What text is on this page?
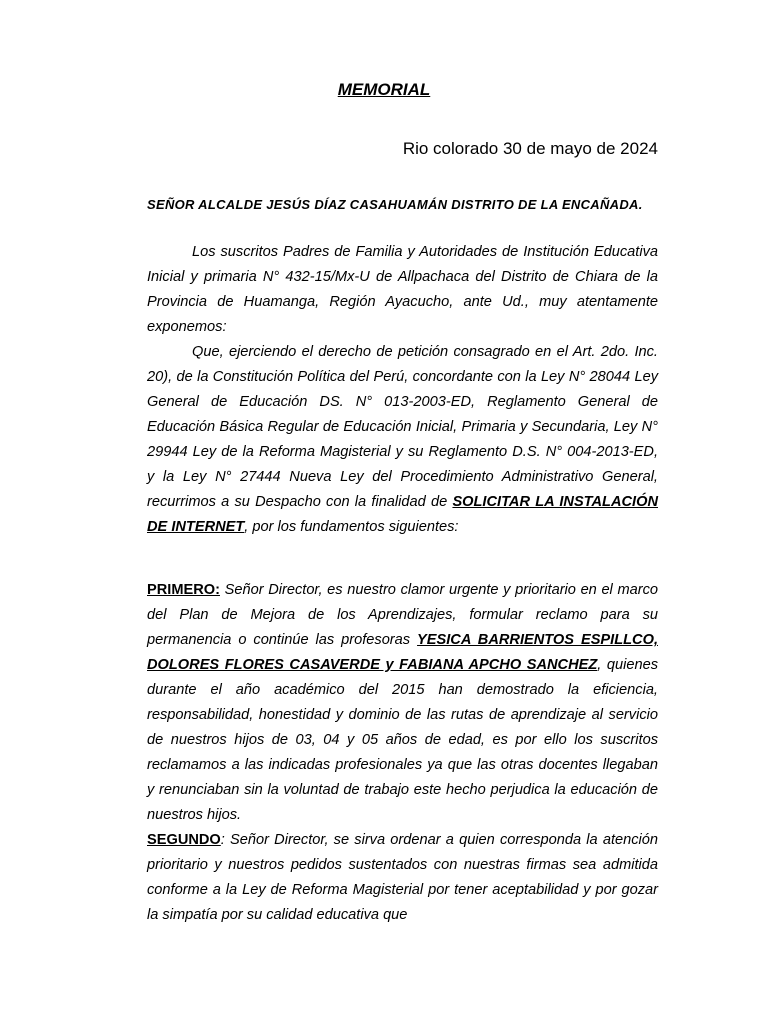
MEMORIAL
Rio colorado 30 de mayo de 2024
SEÑOR ALCALDE JESÚS DÍAZ CASAHUAMÁN DISTRITO DE LA ENCAÑADA.

Los suscritos Padres de Familia y Autoridades de Institución Educativa Inicial y primaria N° 432-15/Mx-U de Allpachaca del Distrito de Chiara de la Provincia de Huamanga, Región Ayacucho, ante Ud., muy atentamente exponemos:

Que, ejerciendo el derecho de petición consagrado en el Art. 2do. Inc. 20), de la Constitución Política del Perú, concordante con la Ley N° 28044 Ley General de Educación DS. N° 013-2003-ED, Reglamento General de Educación Básica Regular de Educación Inicial, Primaria y Secundaria, Ley N° 29944 Ley de la Reforma Magisterial y su Reglamento D.S. N° 004-2013-ED, y la Ley N° 27444 Nueva Ley del Procedimiento Administrativo General, recurrimos a su Despacho con la finalidad de SOLICITAR LA INSTALACIÓN DE INTERNET, por los fundamentos siguientes:

PRIMERO: Señor Director, es nuestro clamor urgente y prioritario en el marco del Plan de Mejora de los Aprendizajes, formular reclamo para su permanencia o continúe las profesoras YESICA BARRIENTOS ESPILLCO, DOLORES FLORES CASAVERDE y FABIANA APCHO SANCHEZ, quienes durante el año académico del 2015 han demostrado la eficiencia, responsabilidad, honestidad y dominio de las rutas de aprendizaje al servicio de nuestros hijos de 03, 04 y 05 años de edad, es por ello los suscritos reclamamos a las indicadas profesionales ya que las otras docentes llegaban y renunciaban sin la voluntad de trabajo este hecho perjudica la educación de nuestros hijos.

SEGUNDO: Señor Director, se sirva ordenar a quien corresponda la atención prioritario y nuestros pedidos sustentados con nuestras firmas sea admitida conforme a la Ley de Reforma Magisterial por tener aceptabilidad y por gozar la simpatía por su calidad educativa que
